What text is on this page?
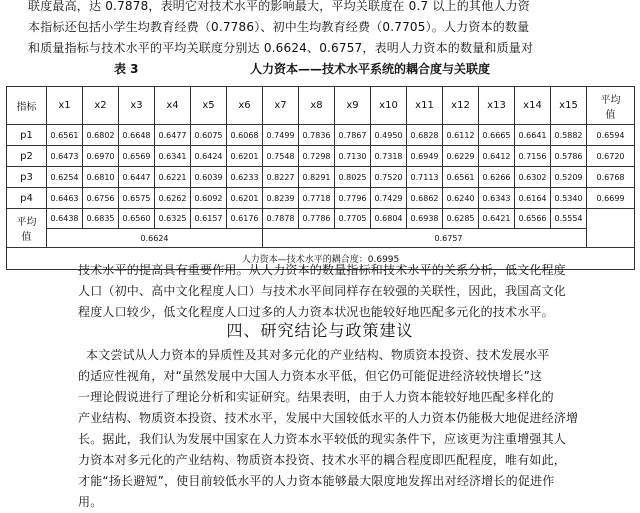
联度最高，达 0.7878，表明它对技术水平的影响最大，平均关联度在 0.7 以上的其他人力资

本指标还包括小学生均教育经费（0.7786）、初中生均教育经费（0.7705）。人力资本的数量

和质量指标与技术水平的平均关联度分别达 0.6624、0.6757，表明人力资本的数量和质量对

表 3	人力资本——技术水平系统的耦合度与关联度
指标	x1	x2	x3	x4	x5	x6	x7	x8	x9	x10	x11	x12	x13	x14	x15	平均
值
p1	0.6561	0.6802	0.6648	0.6477	0.6075	0.6068	0.7499	0.7836	0.7867	0.4950	0.6828	0.6112	0.6665	0.6641	0.5882	0.6594
p2	0.6473	0.6970	0.6569	0.6341	0.6424	0.6201	0.7548	0.7298	0.7130	0.7318	0.6949	0.6229	0.6412	0.7156	0.5786	0.6720
p3	0.6254	0.6810	0.6447	0.6221	0.6039	0.6233	0.8227	0.8291	0.8025	0.7520	0.7113	0.6561	0.6266	0.6302	0.5209	0.6768
p4	0.6463	0.6756	0.6575	0.6262	0.6092	0.6201	0.8239	0.7718	0.7796	0.7429	0.6862	0.6240	0.6343	0.6164	0.5340	0.6699
平均
值	0.6438	0.6835	0.6560	0.6325	0.6157	0.6176	0.7878	0.7786	0.7705	0.6804	0.6938	0.6285	0.6421	0.6566	0.5554	
	0.6624						0.6757									
人力资本—技术水平的耦合度：0.6995																

技术水平的提高具有重要作用。从人力资本的数量指标和技术水平的关系分析，低文化程度

人口（初中、高中文化程度人口）与技术水平间同样存在较强的关联性，因此，我国高文化

程度人口较少，低文化程度人口过多的人力资本状况也能较好地匹配多元化的技术水平。

四、研究结论与政策建议

本文尝试从人力资本的异质性及其对多元化的产业结构、物质资本投资、技术发展水平

的适应性视角，对“虽然发展中大国人力资本水平低，但它仍可能促进经济较快增长”这

一理论假说进行了理论分析和实证研究。结果表明，由于人力资本能较好地匹配多样化的

产业结构、物质资本投资、技术水平，发展中大国较低水平的人力资本仍能极大地促进经济增

长。据此，我们认为发展中国家在人力资本水平较低的现实条件下，应该更为注重增强其人

力资本对多元化的产业结构、物质资本投资、技术水平的耦合程度即匹配程度，唯有如此，

才能“扬长避短”，使目前较低水平的人力资本能够最大限度地发挥出对经济增长的促进作

用。
